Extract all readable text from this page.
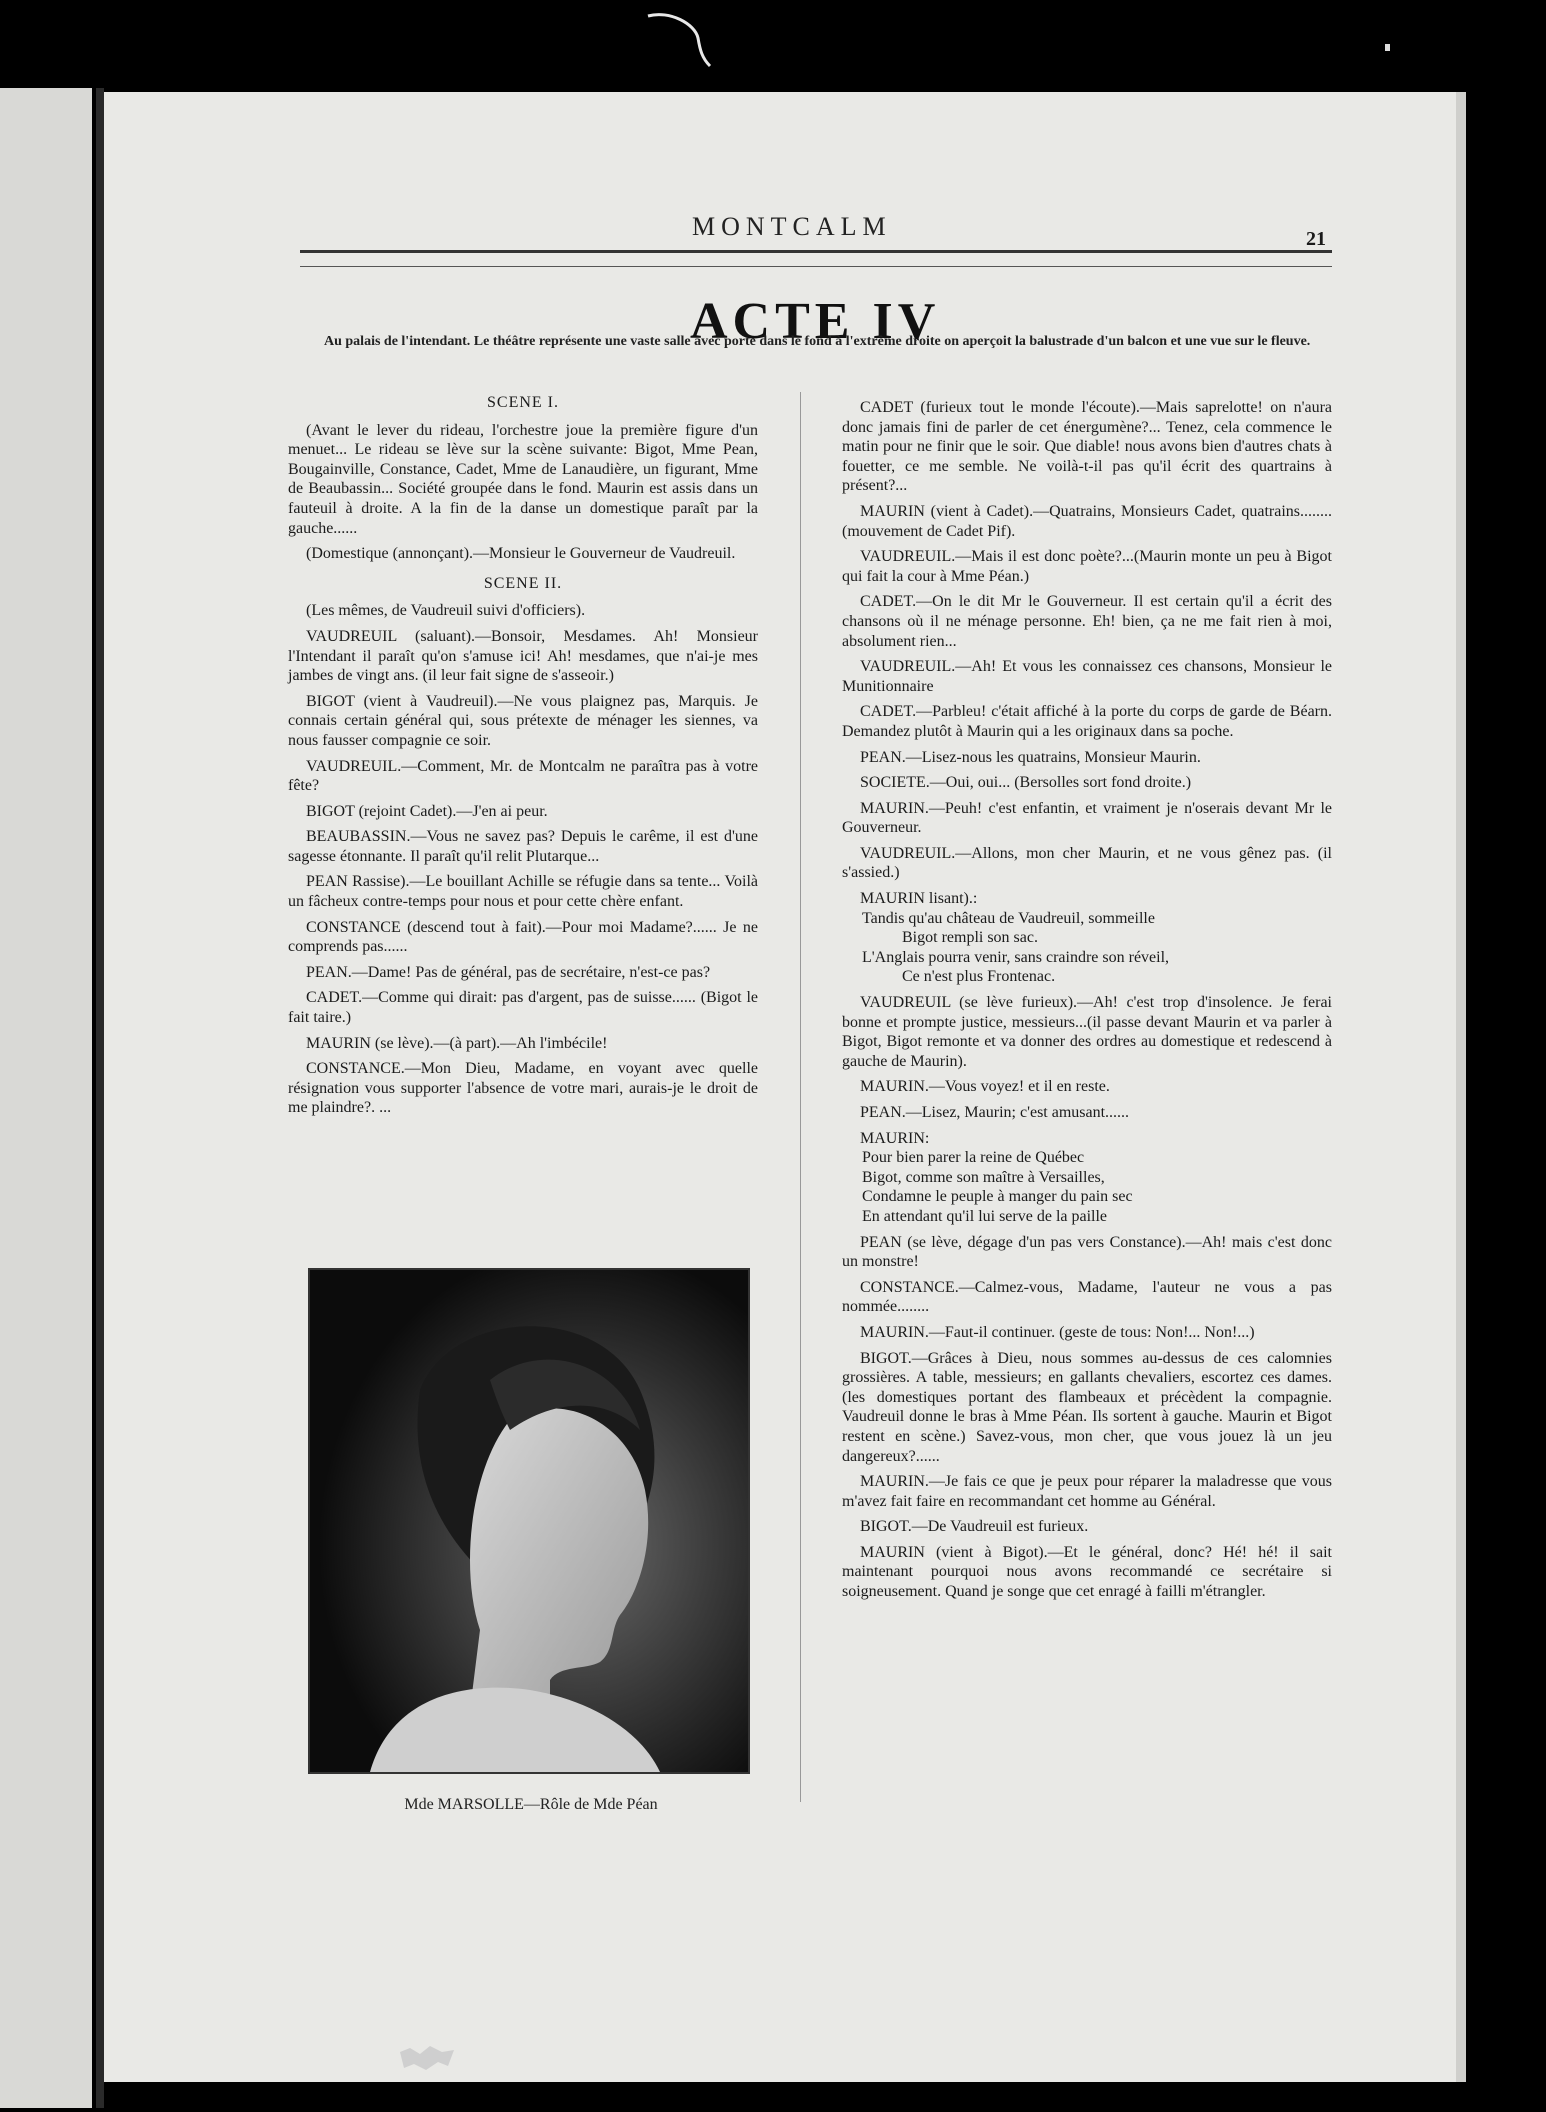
MONTCALM	21
ACTE IV
Au palais de l'intendant. Le théâtre représente une vaste salle avec porte dans le fond à l'extrême droite on aperçoit la balustrade d'un balcon et une vue sur le fleuve.

SCENE I.

(Avant le lever du rideau, l'orchestre joue la première figure d'un menuet... Le rideau se lève sur la scène suivante: Bigot, Mme Pean, Bougainville, Constance, Cadet, Mme de Lanaudière, un figurant, Mme de Beaubassin... Société groupée dans le fond. Maurin est assis dans un fauteuil à droite. A la fin de la danse un domestique paraît par la gauche......

(Domestique (annonçant).—Monsieur le Gouverneur de Vaudreuil.

SCENE II.

(Les mêmes, de Vaudreuil suivi d'officiers).

VAUDREUIL (saluant).—Bonsoir, Mesdames. Ah! Monsieur l'Intendant il paraît qu'on s'amuse ici! Ah! mesdames, que n'ai-je mes jambes de vingt ans. (il leur fait signe de s'asseoir.)

BIGOT (vient à Vaudreuil).—Ne vous plaignez pas, Marquis. Je connais certain général qui, sous prétexte de ménager les siennes, va nous fausser compagnie ce soir.

VAUDREUIL.—Comment, Mr. de Montcalm ne paraîtra pas à votre fête?

BIGOT (rejoint Cadet).—J'en ai peur.

BEAUBASSIN.—Vous ne savez pas? Depuis le carême, il est d'une sagesse étonnante. Il paraît qu'il relit Plutarque...

PEAN Rassise).—Le bouillant Achille se réfugie dans sa tente... Voilà un fâcheux contre-temps pour nous et pour cette chère enfant.

CONSTANCE (descend tout à fait).—Pour moi Madame?...... Je ne comprends pas......

PEAN.—Dame! Pas de général, pas de secrétaire, n'est-ce pas?

CADET.—Comme qui dirait: pas d'argent, pas de suisse...... (Bigot le fait taire.)

MAURIN (se lève).—(à part).—Ah l'imbécile!

CONSTANCE.—Mon Dieu, Madame, en voyant avec quelle résignation vous supporter l'absence de votre mari, aurais-je le droit de me plaindre?. ...

CADET (furieux tout le monde l'écoute).—Mais saprelotte! on n'aura donc jamais fini de parler de cet énergumène?... Tenez, cela commence le matin pour ne finir que le soir. Que diable! nous avons bien d'autres chats à fouetter, ce me semble. Ne voilà-t-il pas qu'il écrit des quartrains à présent?...

MAURIN (vient à Cadet).—Quatrains, Monsieurs Cadet, quatrains........ (mouvement de Cadet Pif).

VAUDREUIL.—Mais il est donc poète?...(Maurin monte un peu à Bigot qui fait la cour à Mme Péan.)

CADET.—On le dit Mr le Gouverneur. Il est certain qu'il a écrit des chansons où il ne ménage personne. Eh! bien, ça ne me fait rien à moi, absolument rien...

VAUDREUIL.—Ah! Et vous les connaissez ces chansons, Monsieur le Munitionnaire

CADET.—Parbleu! c'était affiché à la porte du corps de garde de Béarn. Demandez plutôt à Maurin qui a les originaux dans sa poche.

PEAN.—Lisez-nous les quatrains, Monsieur Maurin.

SOCIETE.—Oui, oui... (Bersolles sort fond droite.)

MAURIN.—Peuh! c'est enfantin, et vraiment je n'oserais devant Mr le Gouverneur.

VAUDREUIL.—Allons, mon cher Maurin, et ne vous gênez pas. (il s'assied.)

MAURIN lisant).:

Tandis qu'au château de Vaudreuil, sommeille

Bigot rempli son sac.

L'Anglais pourra venir, sans craindre son réveil,

Ce n'est plus Frontenac.

VAUDREUIL (se lève furieux).—Ah! c'est trop d'insolence. Je ferai bonne et prompte justice, messieurs...(il passe devant Maurin et va parler à Bigot, Bigot remonte et va donner des ordres au domestique et redescend à gauche de Maurin).

MAURIN.—Vous voyez! et il en reste.

PEAN.—Lisez, Maurin; c'est amusant......

MAURIN:

Pour bien parer la reine de Québec

Bigot, comme son maître à Versailles,

Condamne le peuple à manger du pain sec

En attendant qu'il lui serve de la paille

PEAN (se lève, dégage d'un pas vers Constance).—Ah! mais c'est donc un monstre!

CONSTANCE.—Calmez-vous, Madame, l'auteur ne vous a pas nommée........

MAURIN.—Faut-il continuer. (geste de tous: Non!... Non!...)

BIGOT.—Grâces à Dieu, nous sommes au-dessus de ces calomnies grossières. A table, messieurs; en gallants chevaliers, escortez ces dames. (les domestiques portant des flambeaux et précèdent la compagnie. Vaudreuil donne le bras à Mme Péan. Ils sortent à gauche. Maurin et Bigot restent en scène.) Savez-vous, mon cher, que vous jouez là un jeu dangereux?......

MAURIN.—Je fais ce que je peux pour réparer la maladresse que vous m'avez fait faire en recommandant cet homme au Général.

BIGOT.—De Vaudreuil est furieux.

MAURIN (vient à Bigot).—Et le général, donc? Hé! hé! il sait maintenant pourquoi nous avons recommandé ce secrétaire si soigneusement. Quand je songe que cet enragé à failli m'étrangler.

Mde MARSOLLE—Rôle de Mde Péan
